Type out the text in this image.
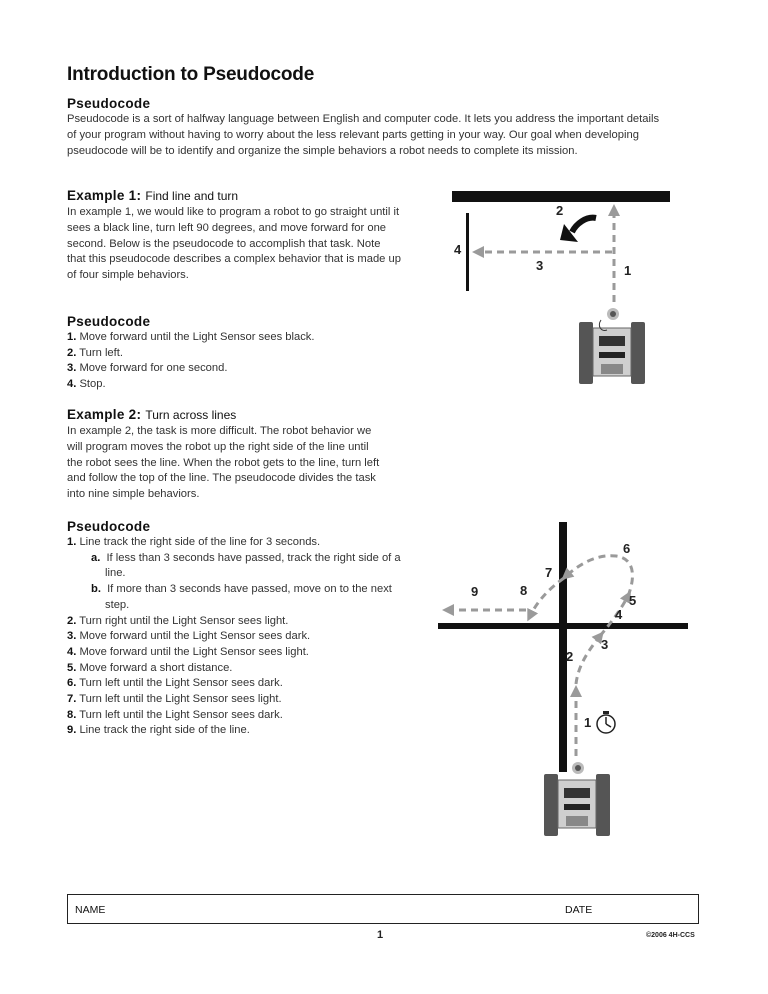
Introduction to Pseudocode
Pseudocode

Pseudocode is a sort of halfway language between English and computer code. It lets you address the important details of your program without having to worry about the less relevant parts getting in your way. Our goal when developing pseudocode will be to identify and organize the simple behaviors a robot needs to complete its mission.

Example 1: Find line and turn

In example 1, we would like to program a robot to go straight until it sees a black line, turn left 90 degrees, and move forward for one second. Below is the pseudocode to accomplish that task. Note that this pseudocode describes a complex behavior that is made up of four simple behaviors.

Pseudocode
1. Move forward until the Light Sensor sees black.
2. Turn left.
3. Move forward for one second.
4. Stop.
Example 2: Turn across lines

In example 2, the task is more difficult. The robot behavior we will program moves the robot up the right side of the line until the robot sees the line. When the robot gets to the line, turn left and follow the top of the line. The pseudocode divides the task into nine simple behaviors.

Pseudocode
1. Line track the right side of the line for 3 seconds.
a. If less than 3 seconds have passed, track the right side of a line.
b. If more than 3 seconds have passed, move on to the next step.
2. Turn right until the Light Sensor sees light.
3. Move forward until the Light Sensor sees dark.
4. Move forward until the Light Sensor sees light.
5. Move forward a short distance.
6. Turn left until the Light Sensor sees dark.
7. Turn left until the Light Sensor sees light.
8. Turn left until the Light Sensor sees dark.
9. Line track the right side of the line.
2
4
3	1
6
7
8
9
5
4
3
2
1
NAME	DATE
1	©2006 4H-CCS
